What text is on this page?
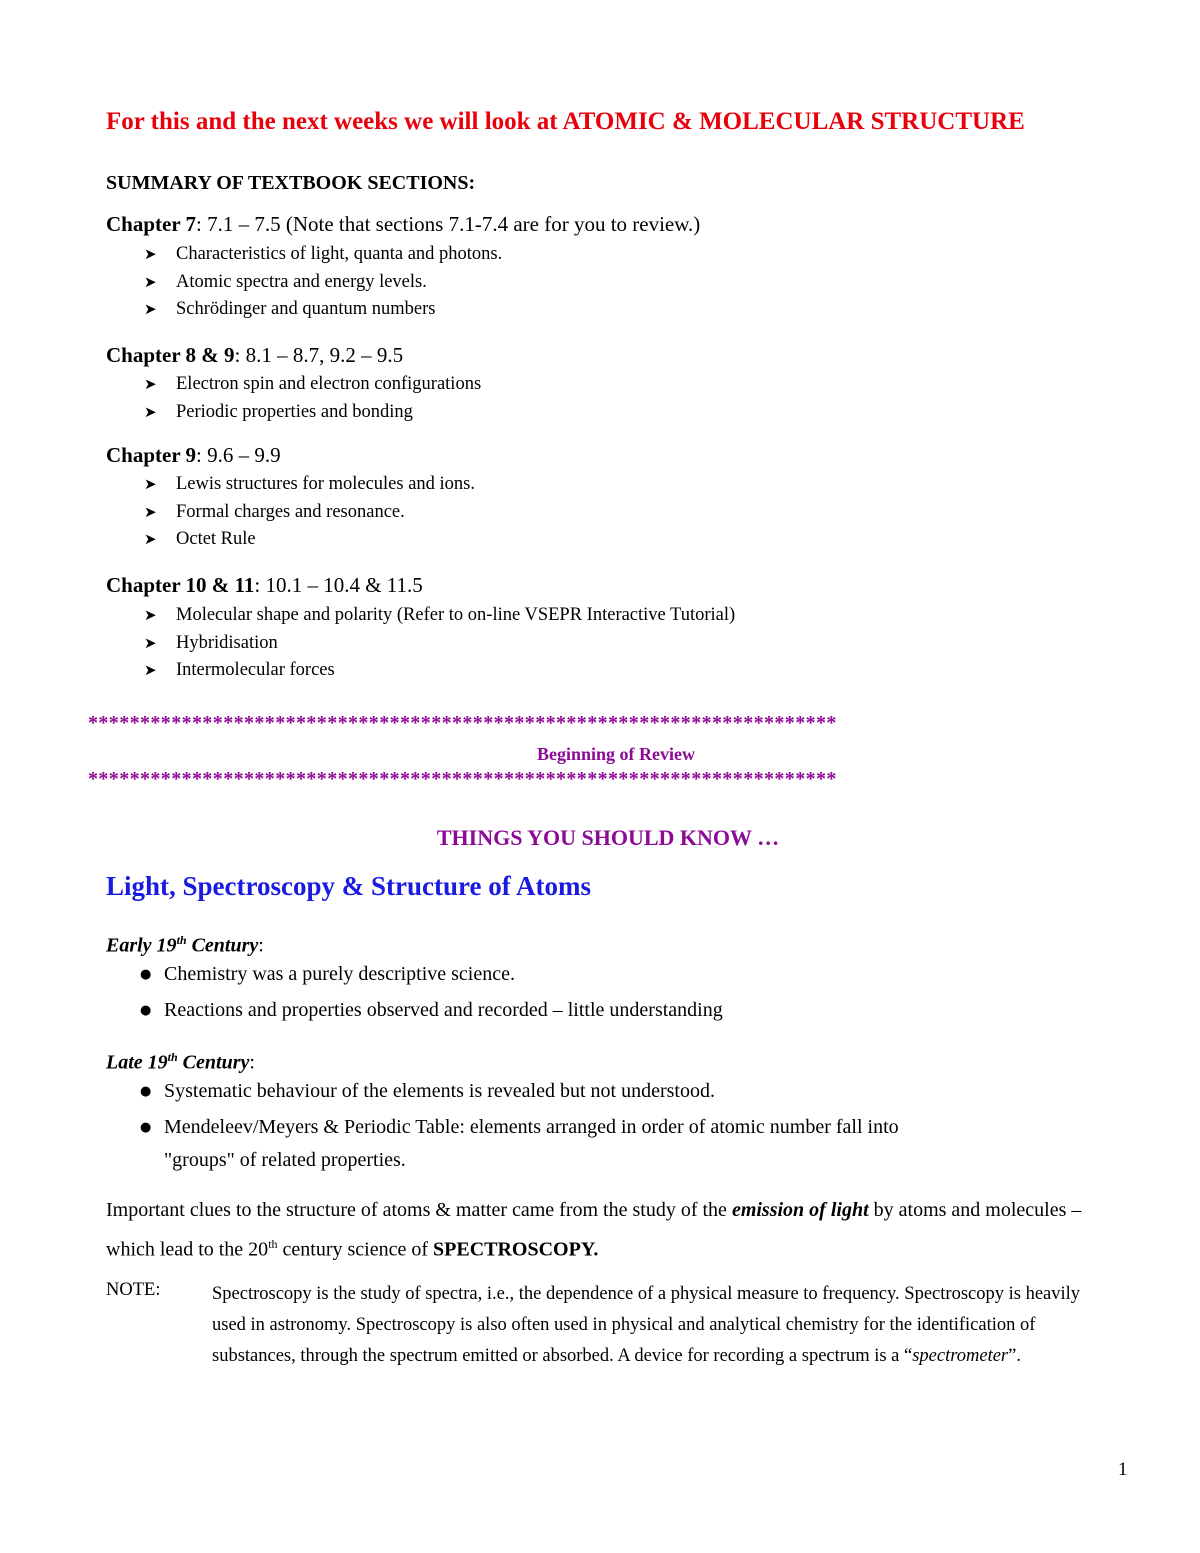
For this and the next weeks we will look at ATOMIC & MOLECULAR STRUCTURE
SUMMARY OF TEXTBOOK SECTIONS:
Chapter 7: 7.1 – 7.5 (Note that sections 7.1-7.4 are for you to review.)
➤ Characteristics of light, quanta and photons.
➤ Atomic spectra and energy levels.
➤ Schrödinger and quantum numbers
Chapter 8 & 9: 8.1 – 8.7, 9.2 – 9.5
➤ Electron spin and electron configurations
➤ Periodic properties and bonding
Chapter 9: 9.6 – 9.9
➤ Lewis structures for molecules and ions.
➤ Formal charges and resonance.
➤ Octet Rule
Chapter 10 & 11: 10.1 – 10.4 & 11.5
➤ Molecular shape and polarity (Refer to on-line VSEPR Interactive Tutorial)
➤ Hybridisation
➤ Intermolecular forces
************************************************************************
Beginning of Review
************************************************************************
THINGS YOU SHOULD KNOW …
Light, Spectroscopy & Structure of Atoms
Early 19th Century:
● Chemistry was a purely descriptive science.
● Reactions and properties observed and recorded – little understanding
Late 19th Century:
● Systematic behaviour of the elements is revealed but not understood.
● Mendeleev/Meyers & Periodic Table: elements arranged in order of atomic number fall into
"groups" of related properties.
Important clues to the structure of atoms & matter came from the study of the emission of light by atoms and molecules – which lead to the 20th century science of SPECTROSCOPY.
NOTE:	Spectroscopy is the study of spectra, i.e., the dependence of a physical measure to frequency. Spectroscopy is heavily used in astronomy. Spectroscopy is also often used in physical and analytical chemistry for the identification of substances, through the spectrum emitted or absorbed. A device for recording a spectrum is a “spectrometer”.
1
